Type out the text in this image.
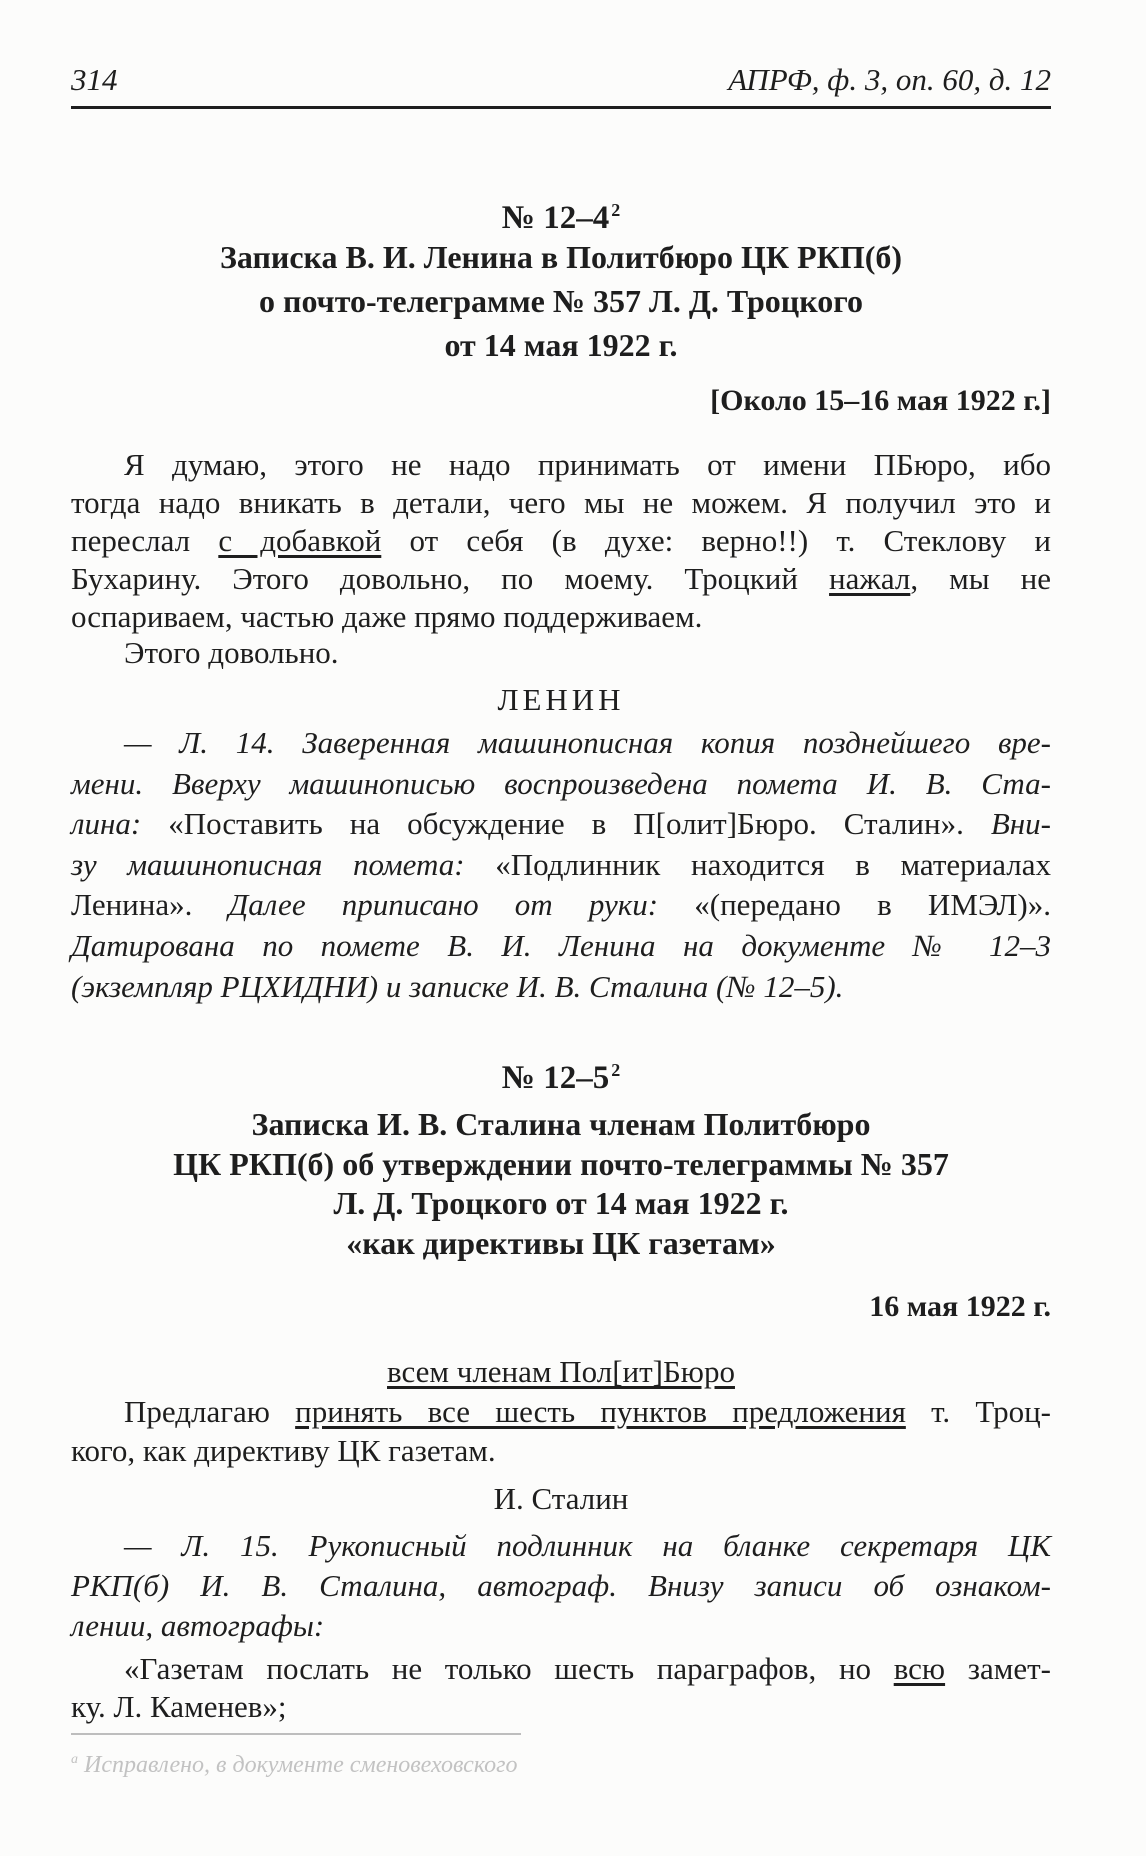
314	АПРФ, ф. 3, оп. 60, д. 12
№ 12–4 $^2$
Записка В. И. Ленина в Политбюро ЦК РКП(б)
о почто-телеграмме № 357 Л. Д. Троцкого
от 14 мая 1922 г.
[Около 15–16 мая 1922 г.]
Я думаю, этого не надо принимать от имени ПБюро, ибо
тогда надо вникать в детали, чего мы не можем. Я получил это и
переслал с добавкой от себя (в духе: верно!!) т. Стеклову и
Бухарину. Этого довольно, по моему. Троцкий нажал, мы не
оспариваем, частью даже прямо поддерживаем.
Этого довольно.
ЛЕНИН
— Л. 14. Заверенная машинописная копия позднейшего вре-
мени. Вверху машинописью воспроизведена помета И. В. Ста-
лина: «Поставить на обсуждение в П[олит]Бюро. Сталин». Вни-
зу машинописная помета: «Подлинник находится в материалах
Ленина». Далее приписано от руки: «(передано в ИМЭЛ)».
Датирована по помете В. И. Ленина на документе № 12–3
(экземпляр РЦХИДНИ) и записке И. В. Сталина (№ 12–5).
№ 12–5 $^2$
Записка И. В. Сталина членам Политбюро
ЦК РКП(б) об утверждении почто-телеграммы № 357
Л. Д. Троцкого от 14 мая 1922 г.
«как директивы ЦК газетам»
16 мая 1922 г.
всем членам Пол[ит]Бюро
Предлагаю принять все шесть пунктов предложения т. Троц-
кого, как директиву ЦК газетам.
И. Сталин
— Л. 15. Рукописный подлинник на бланке секретаря ЦК
РКП(б) И. В. Сталина, автограф. Внизу записи об ознаком-
лении, автографы:
«Газетам послать не только шесть параграфов, но всю замет-
ку. Л. Каменев»;
$^а$ Исправлено, в документе сменовеховского
